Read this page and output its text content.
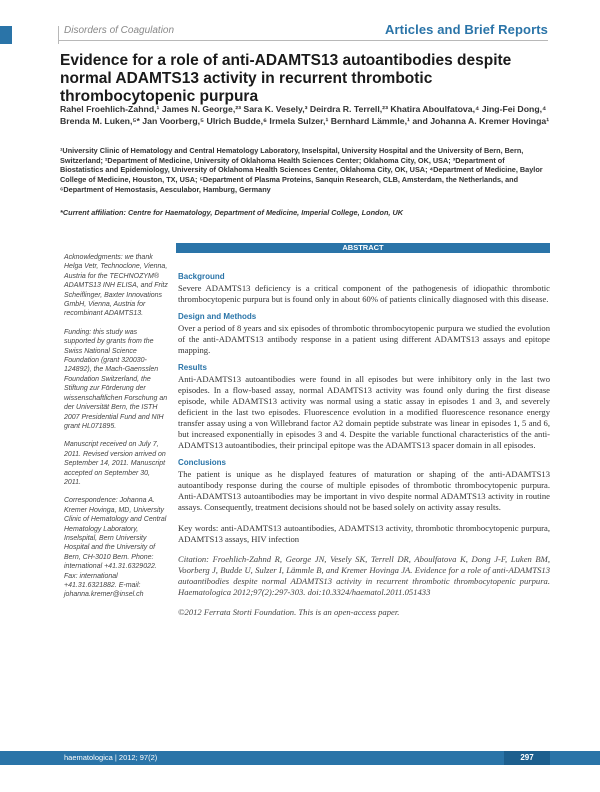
Disorders of Coagulation	Articles and Brief Reports
Evidence for a role of anti-ADAMTS13 autoantibodies despite normal ADAMTS13 activity in recurrent thrombotic thrombocytopenic purpura
Rahel Froehlich-Zahnd,¹ James N. George,²³ Sara K. Vesely,³ Deirdra R. Terrell,²³ Khatira Aboulfatova,⁴ Jing-Fei Dong,⁴ Brenda M. Luken,⁵* Jan Voorberg,⁵ Ulrich Budde,⁶ Irmela Sulzer,¹ Bernhard Lämmle,¹ and Johanna A. Kremer Hovinga¹
¹University Clinic of Hematology and Central Hematology Laboratory, Inselspital, University Hospital and the University of Bern, Bern, Switzerland; ²Department of Medicine, University of Oklahoma Health Sciences Center; Oklahoma City, OK, USA; ³Department of Biostatistics and Epidemiology, University of Oklahoma Health Sciences Center, Oklahoma City, OK, USA; ⁴Department of Medicine, Baylor College of Medicine, Houston, TX, USA; ⁵Department of Plasma Proteins, Sanquin Research, CLB, Amsterdam, the Netherlands, and ⁶Department of Hemostasis, Aesculabor, Hamburg, Germany
*Current affiliation: Centre for Haematology, Department of Medicine, Imperial College, London, UK

Acknowledgments: we thank Helga Vetr, Technoclone, Vienna, Austria for the TECHNOZYM® ADAMTS13 INH ELISA, and Fritz Scheiflinger, Baxter Innovations GmbH, Vienna, Austria for recombinant ADAMTS13.

Funding: this study was supported by grants from the Swiss National Science Foundation (grant 320030-124892), the Mach-Gaensslen Foundation Switzerland, the Stiftung zur Förderung der wissenschaftlichen Forschung an der Universität Bern, the ISTH 2007 Presidential Fund and NIH grant HL071895.

Manuscript received on July 7, 2011. Revised version arrived on September 14, 2011. Manuscript accepted on September 30, 2011.

Correspondence: Johanna A. Kremer Hovinga, MD, University Clinic of Hematology and Central Hematology Laboratory, Inselspital, Bern University Hospital and the University of Bern, CH-3010 Bern. Phone: international +41.31.6329022. Fax: international +41.31.6321882. E-mail: johanna.kremer@insel.ch

ABSTRACT
Background

Severe ADAMTS13 deficiency is a critical component of the pathogenesis of idiopathic thrombotic thrombocytopenic purpura but is found only in about 60% of patients clinically diagnosed with this disease.

Design and Methods

Over a period of 8 years and six episodes of thrombotic thrombocytopenic purpura we studied the evolution of the anti-ADAMTS13 antibody response in a patient using different ADAMTS13 assays and epitope mapping.

Results

Anti-ADAMTS13 autoantibodies were found in all episodes but were inhibitory only in the last two episodes. In a flow-based assay, normal ADAMTS13 activity was found only during the first disease episode, while ADAMTS13 activity was normal using a static assay in episodes 1 and 3, and severely deficient in the last two episodes. Fluorescence evolution in a modified fluorescence resonance energy transfer assay using a von Willebrand factor A2 domain peptide substrate was linear in episodes 1, 5 and 6, but increased exponentially in episodes 3 and 4. Despite the variable functional characteristics of the anti-ADAMTS13 autoantibodies, their principal epitope was the ADAMTS13 spacer domain in all episodes.

Conclusions

The patient is unique as he displayed features of maturation or shaping of the anti-ADAMTS13 autoantibody response during the course of multiple episodes of thrombotic thrombocytopenic purpura. Anti-ADAMTS13 autoantibodies may be important in vivo despite normal ADAMTS13 activity in routine assays. Consequently, treatment decisions should not be based solely on activity assay results.

Key words: anti-ADAMTS13 autoantibodies, ADAMTS13 activity, thrombotic thrombocytopenic purpura, ADAMTS13 assays, HIV infection

Citation: Froehlich-Zahnd R, George JN, Vesely SK, Terrell DR, Aboulfatova K, Dong J-F, Luken BM, Voorberg J, Budde U, Sulzer I, Lämmle B, and Kremer Hovinga JA. Evidence for a role of anti-ADAMTS13 autoantibodies despite normal ADAMTS13 activity in recurrent thrombotic thrombocytopenic purpura. Haematologica 2012;97(2):297-303. doi:10.3324/haematol.2011.051433

©2012 Ferrata Storti Foundation. This is an open-access paper.

haematologica | 2012; 97(2)	297
